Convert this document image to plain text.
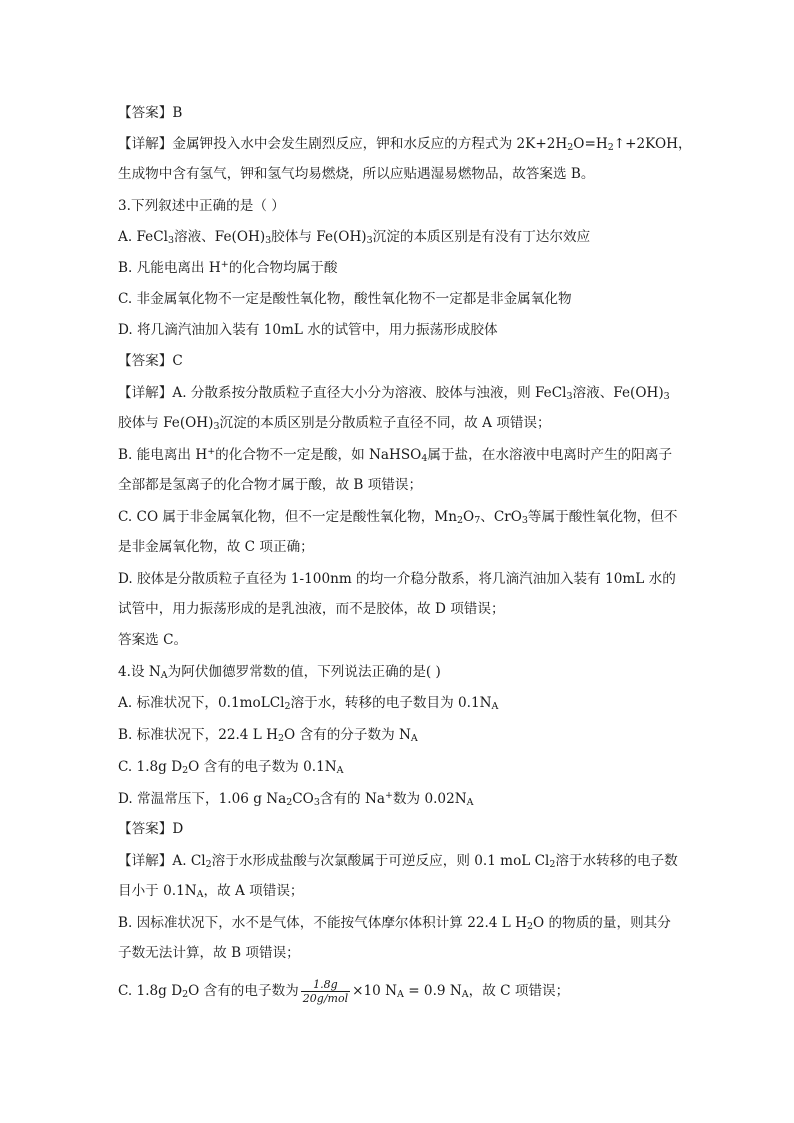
【答案】B
【详解】金属钾投入水中会发生剧烈反应，钾和水反应的方程式为 $2K+2H_2O=H_2↑+2KOH$，
生成物中含有氢气，钾和氢气均易燃烧，所以应贴遇湿易燃物品，故答案选 B。
3.下列叙述中正确的是（ ）
A. FeCl$_3$溶液、$Fe(OH)_3$胶体与 $Fe(OH)_3$沉淀的本质区别是有没有丁达尔效应
B. 凡能电离出 H+的化合物均属于酸
C. 非金属氧化物不一定是酸性氧化物，酸性氧化物不一定都是非金属氧化物
D. 将几滴汽油加入装有 10mL 水的试管中，用力振荡形成胶体
【答案】C
【详解】A. 分散系按分散质粒子直径大小分为溶液、胶体与浊液，则 FeCl$_3$溶液、$Fe(OH)_3$
胶体与 $Fe(OH)_3$沉淀的本质区别是分散质粒子直径不同，故 A 项错误；
B. 能电离出 H+的化合物不一定是酸，如 NaHSO$_4$属于盐，在水溶液中电离时产生的阳离子
全部都是氢离子的化合物才属于酸，故 B 项错误；
C. CO 属于非金属氧化物，但不一定是酸性氧化物，$Mn_2O_7$、CrO$_3$等属于酸性氧化物，但不
是非金属氧化物，故 C 项正确；
D. 胶体是分散质粒子直径为 1-100nm 的均一介稳分散系，将几滴汽油加入装有 10mL 水的
试管中，用力振荡形成的是乳浊液，而不是胶体，故 D 项错误；
答案选 C。
4.设 $N_A$为阿伏伽德罗常数的值，下列说法正确的是( )
A. 标准状况下，0.1moLCl$_2$溶于水，转移的电子数目为 $0.1N_A$
B. 标准状况下，22.4 L $H_2O$ 含有的分子数为 $N_A$
C. 1.8g $D_2O$ 含有的电子数为 $0.1N_A$
D. 常温常压下，1.06 g $Na_2CO_3$含有的 Na+数为 $0.02N_A$
【答案】D
【详解】A. $Cl_2$溶于水形成盐酸与次氯酸属于可逆反应，则 0.1 moL $Cl_2$溶于水转移的电子数
目小于 $0.1N_A$，故 A 项错误；
B. 因标准状况下，水不是气体，不能按气体摩尔体积计算 22.4 L $H_2O$ 的物质的量，则其分
子数无法计算，故 B 项错误；
C. 1.8g $D_2O$ 含有的电子数为 $\frac{1.8g}{\text{20g/mol}} \times 10$ $N_A = 0.9$ $N_A$，故 C 项错误；
